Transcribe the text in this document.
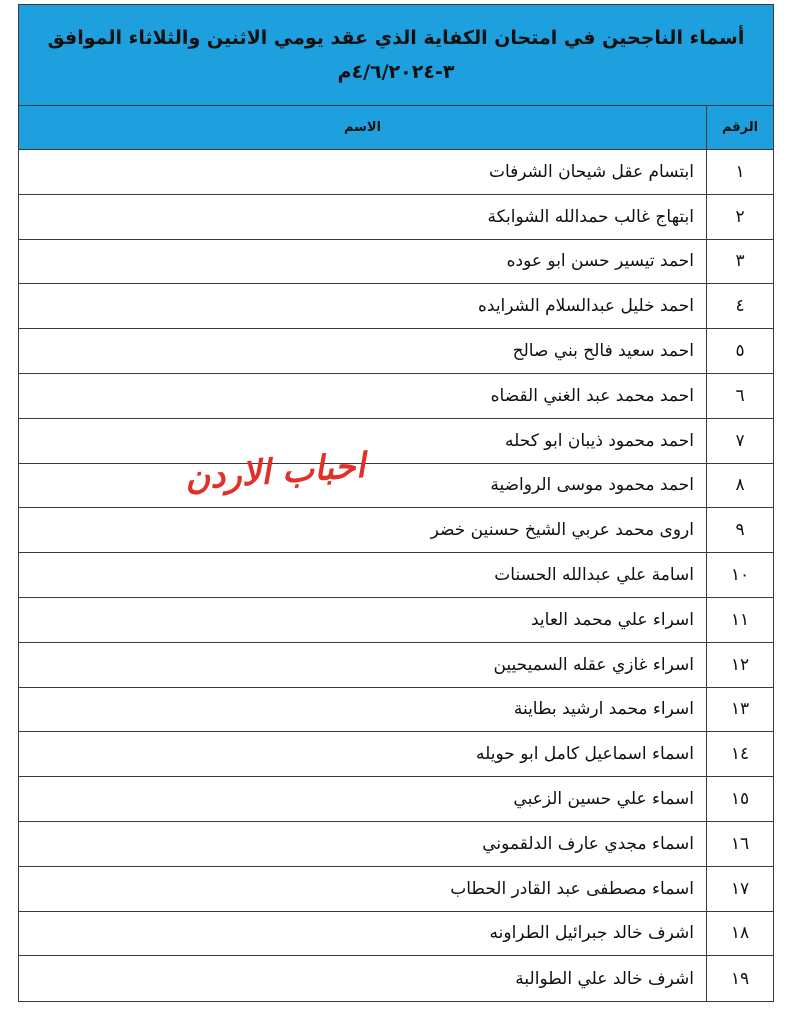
أسماء الناجحين في امتحان الكفاية الذي عقد يومي الاثنين والثلاثاء الموافق
٣-٤/٦/٢٠٢٤م
الرقم
الاسم
١
ابتسام عقل شيحان الشرفات
٢
ابتهاج غالب حمدالله الشوابكة
٣
احمد تيسير حسن ابو عوده
٤
احمد خليل عبدالسلام الشرايده
٥
احمد سعيد فالح بني صالح
٦
احمد محمد عبد الغني القضاه
٧
احمد محمود ذيبان ابو كحله
٨
احمد محمود موسى الرواضية
٩
اروى محمد عربي الشيخ حسنين خضر
١٠
اسامة علي عبدالله الحسنات
١١
اسراء علي محمد العايد
١٢
اسراء غازي عقله السميحيين
١٣
اسراء محمد ارشيد بطاينة
١٤
اسماء اسماعيل كامل ابو حويله
١٥
اسماء علي حسين الزعبي
١٦
اسماء مجدي عارف الدلقموني
١٧
اسماء مصطفى عبد القادر الحطاب
١٨
اشرف خالد جبرائيل الطراونه
١٩
اشرف خالد علي الطوالبة
احباب الاردن
